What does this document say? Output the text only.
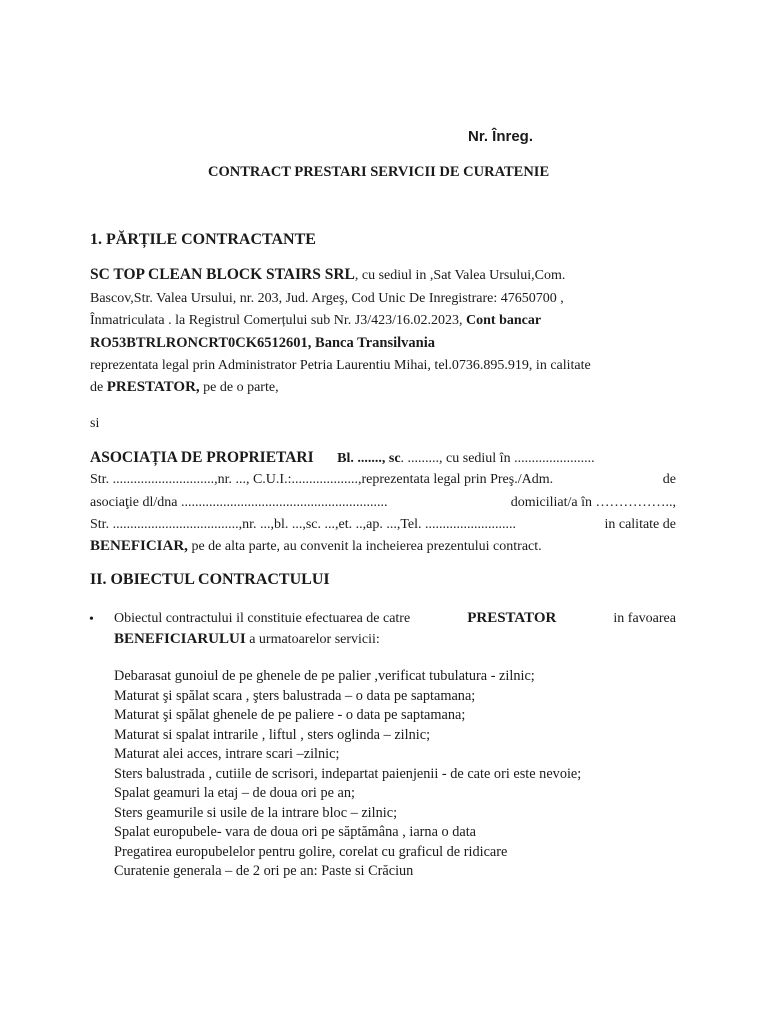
Nr. Înreg.
CONTRACT PRESTARI SERVICII DE CURATENIE
1. PĂRȚILE CONTRACTANTE
SC TOP CLEAN BLOCK STAIRS SRL, cu sediul in ,Sat Valea Ursului,Com.
Bascov,Str. Valea Ursului, nr. 203, Jud. Argeş, Cod Unic De Inregistrare: 47650700 ,
Înmatriculata . la Registrul Comerțului sub Nr. J3/423/16.02.2023, Cont bancar
RO53BTRLRONCRT0CK6512601, Banca Transilvania
reprezentata legal prin Administrator Petria Laurentiu Mihai, tel.0736.895.919, in calitate
de PRESTATOR, pe de o parte,
si
ASOCIAȚIA DE PROPRIETARI Bl. ......., sc. ........., cu sediul în .......................
Str. .............................,nr. ..., C.U.I.:...................,reprezentata legal prin Preş./Adm.	de
asociaţie dl/dna ...........................................................	domiciliat/a în ……………..,
Str. ....................................,nr. ...,bl. ...,sc. ...,et. ..,ap. ...,Tel. ..........................	in calitate de
BENEFICIAR, pe de alta parte, au convenit la incheierea prezentului contract.
II. OBIECTUL CONTRACTULUI
• Obiectul contractului il constituie efectuarea de catre	PRESTATOR	in favoarea
BENEFICIARULUI a urmatoarelor servicii:
Debarasat gunoiul de pe ghenele de pe palier ,verificat tubulatura - zilnic;
Maturat şi spălat scara , şters balustrada – o data pe saptamana;
Maturat şi spălat ghenele de pe paliere - o data pe saptamana;
Maturat si spalat intrarile , liftul , sters oglinda – zilnic;
Maturat alei acces, intrare scari –zilnic;
Sters balustrada , cutiile de scrisori, indepartat paienjenii - de cate ori este nevoie;
Spalat geamuri la etaj – de doua ori pe an;
Sters geamurile si usile de la intrare bloc – zilnic;
Spalat europubele- vara de doua ori pe săptămâna , iarna o data
Pregatirea europubelelor pentru golire, corelat cu graficul de ridicare
Curatenie generala – de 2 ori pe an: Paste si Crăciun
